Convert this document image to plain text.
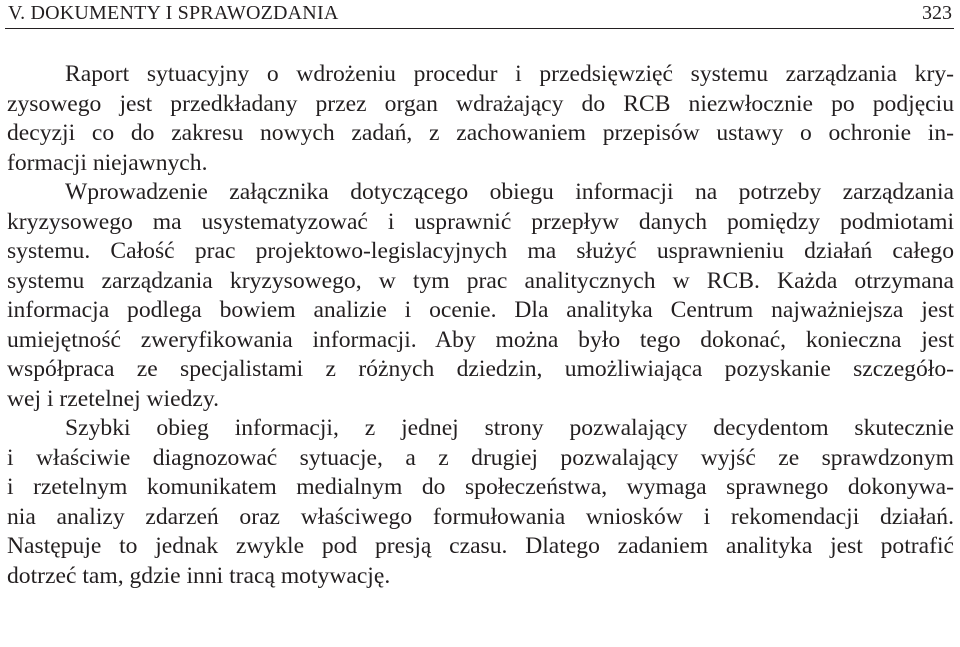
V. DOKUMENTY I SPRAWOZDANIA	323
Raport sytuacyjny o wdrożeniu procedur i przedsięwzięć systemu zarządzania kry-
zysowego jest przedkładany przez organ wdrażający do RCB niezwłocznie po podjęciu
decyzji co do zakresu nowych zadań, z zachowaniem przepisów ustawy o ochronie in-
formacji niejawnych.
Wprowadzenie załącznika dotyczącego obiegu informacji na potrzeby zarządzania
kryzysowego ma usystematyzować i usprawnić przepływ danych pomiędzy podmiotami
systemu. Całość prac projektowo-legislacyjnych ma służyć usprawnieniu działań całego
systemu zarządzania kryzysowego, w tym prac analitycznych w RCB. Każda otrzymana
informacja podlega bowiem analizie i ocenie. Dla analityka Centrum najważniejsza jest
umiejętność zweryfikowania informacji. Aby można było tego dokonać, konieczna jest
współpraca ze specjalistami z różnych dziedzin, umożliwiająca pozyskanie szczegóło-
wej i rzetelnej wiedzy.
Szybki obieg informacji, z jednej strony pozwalający decydentom skutecznie
i właściwie diagnozować sytuacje, a z drugiej pozwalający wyjść ze sprawdzonym
i rzetelnym komunikatem medialnym do społeczeństwa, wymaga sprawnego dokonywa-
nia analizy zdarzeń oraz właściwego formułowania wniosków i rekomendacji działań.
Następuje to jednak zwykle pod presją czasu. Dlatego zadaniem analityka jest potrafić
dotrzeć tam, gdzie inni tracą motywację.
